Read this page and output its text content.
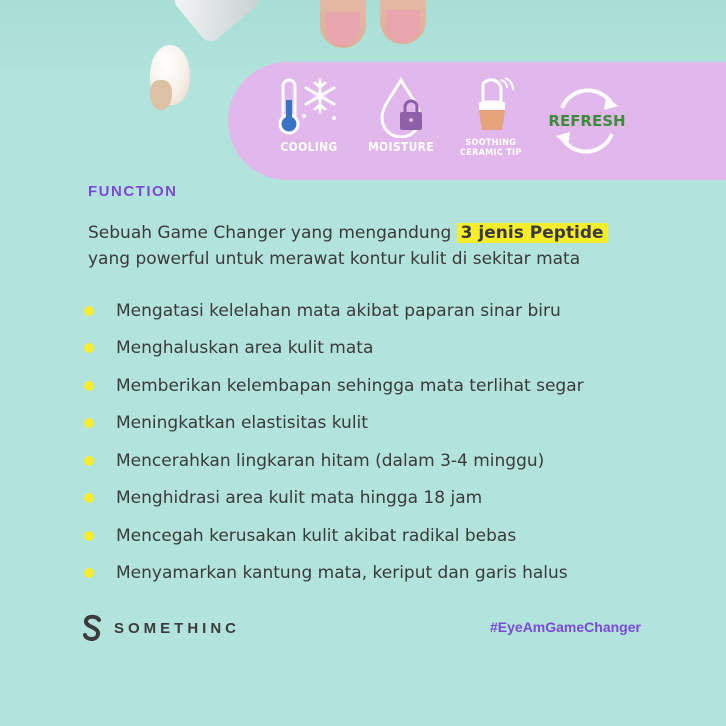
COOLING	MOISTURE	SOOTHING
CERAMIC TIP
REFRESH
FUNCTION
Sebuah Game Changer yang mengandung 3 jenis Peptide
yang powerful untuk merawat kontur kulit di sekitar mata
Mengatasi kelelahan mata akibat paparan sinar biru
Menghaluskan area kulit mata
Memberikan kelembapan sehingga mata terlihat segar
Meningkatkan elastisitas kulit
Mencerahkan lingkaran hitam (dalam 3-4 minggu)
Menghidrasi area kulit mata hingga 18 jam
Mencegah kerusakan kulit akibat radikal bebas
Menyamarkan kantung mata, keriput dan garis halus
SOMETHINC	#EyeAmGameChanger
